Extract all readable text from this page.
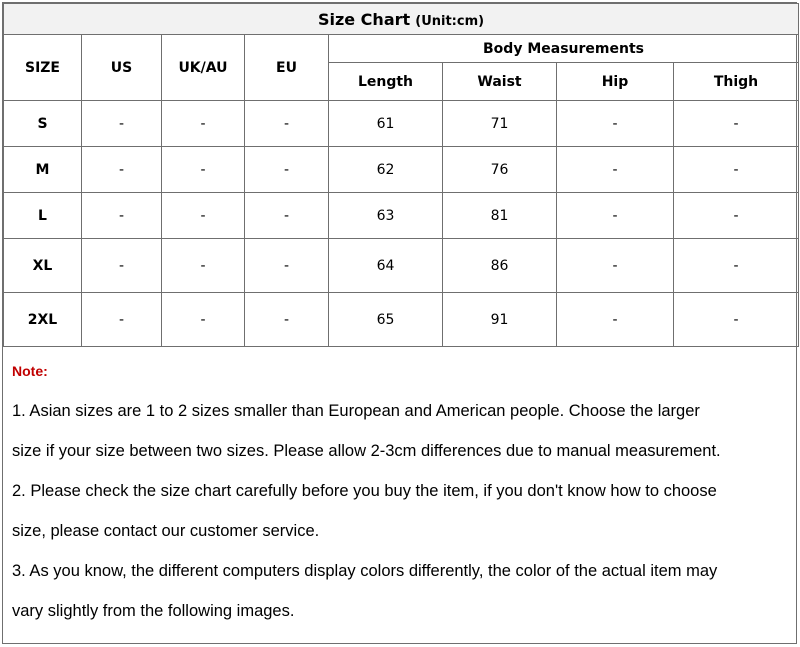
Size Chart (Unit:cm)							
SIZE	US	UK/AU	EU	Body Measurements			
				Length	Waist	Hip	Thigh
S	-	-	-	61	71	-	-
M	-	-	-	62	76	-	-
L	-	-	-	63	81	-	-
XL	-	-	-	64	86	-	-
2XL	-	-	-	65	91	-	-
Note:
1. Asian sizes are 1 to 2 sizes smaller than European and American people. Choose the larger
size if your size between two sizes. Please allow 2-3cm differences due to manual measurement.
2. Please check the size chart carefully before you buy the item, if you don't know how to choose
size, please contact our customer service.
3. As you know, the different computers display colors differently, the color of the actual item may
vary slightly from the following images.
